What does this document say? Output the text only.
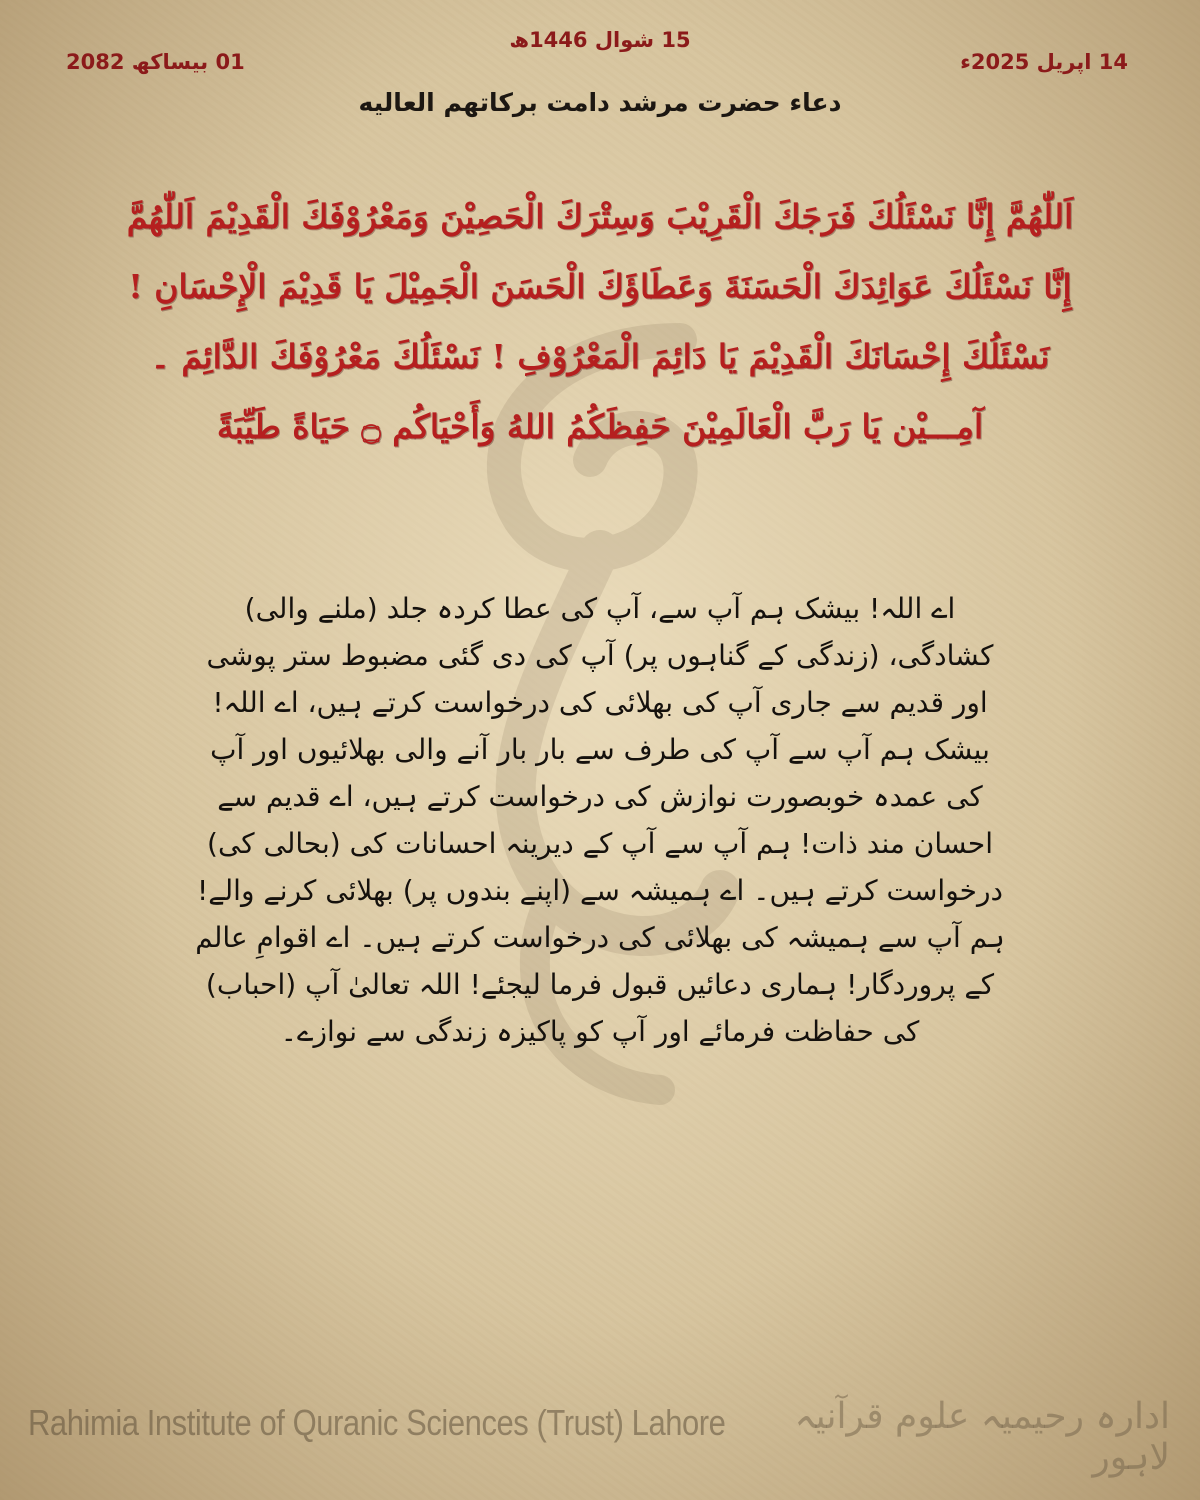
14 اپریل 2025ء
15 شوال 1446ھ
01 بیساکھ 2082
دعاء حضرت مرشد دامت برکاتهم العالیه
اَللّٰهُمَّ إِنَّا نَسْئَلُكَ فَرَجَكَ الْقَرِيْبَ وَسِتْرَكَ الْحَصِيْنَ وَمَعْرُوْفَكَ الْقَدِيْمَ اَللّٰهُمَّ إِنَّا نَسْئَلُكَ عَوَائِدَكَ الْحَسَنَةَ وَعَطَاؤَكَ الْحَسَنَ الْجَمِيْلَ يَا قَدِيْمَ الْإِحْسَانِ ! نَسْئَلُكَ إِحْسَانَكَ الْقَدِيْمَ يَا دَائِمَ الْمَعْرُوْفِ ! نَسْئَلُكَ مَعْرُوْفَكَ الدَّائِمَ ۔ آمِـــيْن يَا رَبَّ الْعَالَمِيْنَ حَفِظَكُمُ اللهُ وَأَحْيَاكُم ۝ حَيَاةً طَيِّبَةً
اے اللہ! بیشک ہم آپ سے، آپ کی عطا کردہ جلد (ملنے والی) کشادگی، (زندگی کے گناہوں پر) آپ کی دی گئی مضبوط ستر پوشی اور قدیم سے جاری آپ کی بھلائی کی درخواست کرتے ہیں، اے اللہ! بیشک ہم آپ سے آپ کی طرف سے بار بار آنے والی بھلائیوں اور آپ کی عمدہ خوبصورت نوازش کی درخواست کرتے ہیں، اے قدیم سے احسان مند ذات! ہم آپ سے آپ کے دیرینہ احسانات کی (بحالی کی) درخواست کرتے ہیں۔ اے ہمیشہ سے (اپنے بندوں پر) بھلائی کرنے والے! ہم آپ سے ہمیشہ کی بھلائی کی درخواست کرتے ہیں۔ اے اقوامِ عالم کے پروردگار! ہماری دعائیں قبول فرما لیجئے! اللہ تعالیٰ آپ (احباب) کی حفاظت فرمائے اور آپ کو پاکیزہ زندگی سے نوازے۔
Rahimia Institute of Quranic Sciences (Trust) Lahore	ادارہ رحیمیہ علوم قرآنیہ لاہور
